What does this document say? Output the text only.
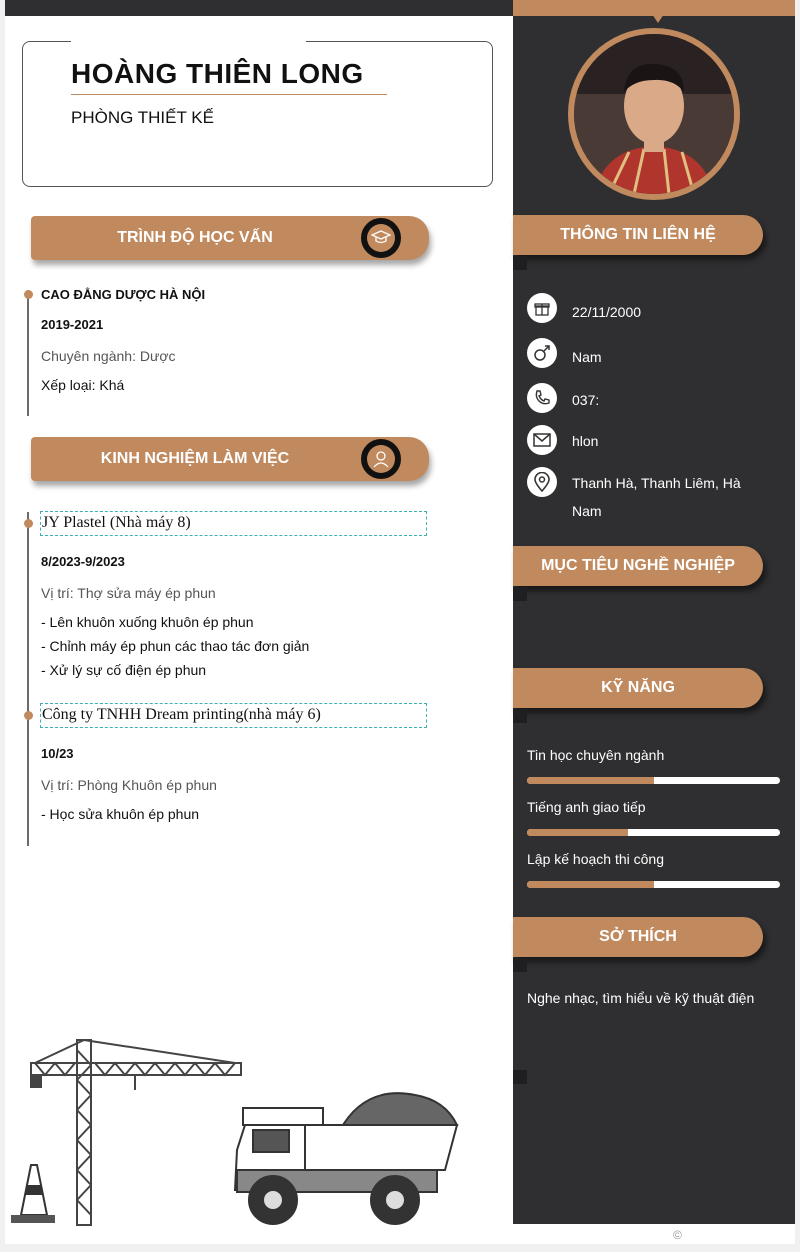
HOÀNG THIÊN LONG
PHÒNG THIẾT KẾ
TRÌNH ĐỘ HỌC VẤN
CAO ĐẲNG DƯỢC HÀ NỘI
2019-2021
Chuyên ngành: Dược
Xếp loại: Khá
KINH NGHIỆM LÀM VIỆC
JY Plastel (Nhà máy 8)
8/2023-9/2023
Vị trí: Thợ sửa máy ép phun
- Lên khuôn xuống khuôn ép phun
- Chỉnh máy ép phun các thao tác đơn giản
- Xử lý sự cố điện ép phun
Công ty TNHH Dream printing(nhà máy 6)
10/23
Vị trí: Phòng Khuôn ép phun
- Học sửa khuôn ép phun
THÔNG TIN LIÊN HỆ
22/11/2000
Nam
037:
hlon
Thanh Hà, Thanh Liêm, Hà Nam
MỤC TIÊU NGHỀ NGHIỆP
KỸ NĂNG
Tin học chuyên ngành
Tiếng anh giao tiếp
Lập kế hoạch thi công
SỞ THÍCH
Nghe nhạc, tìm hiểu về kỹ thuật điện
©
